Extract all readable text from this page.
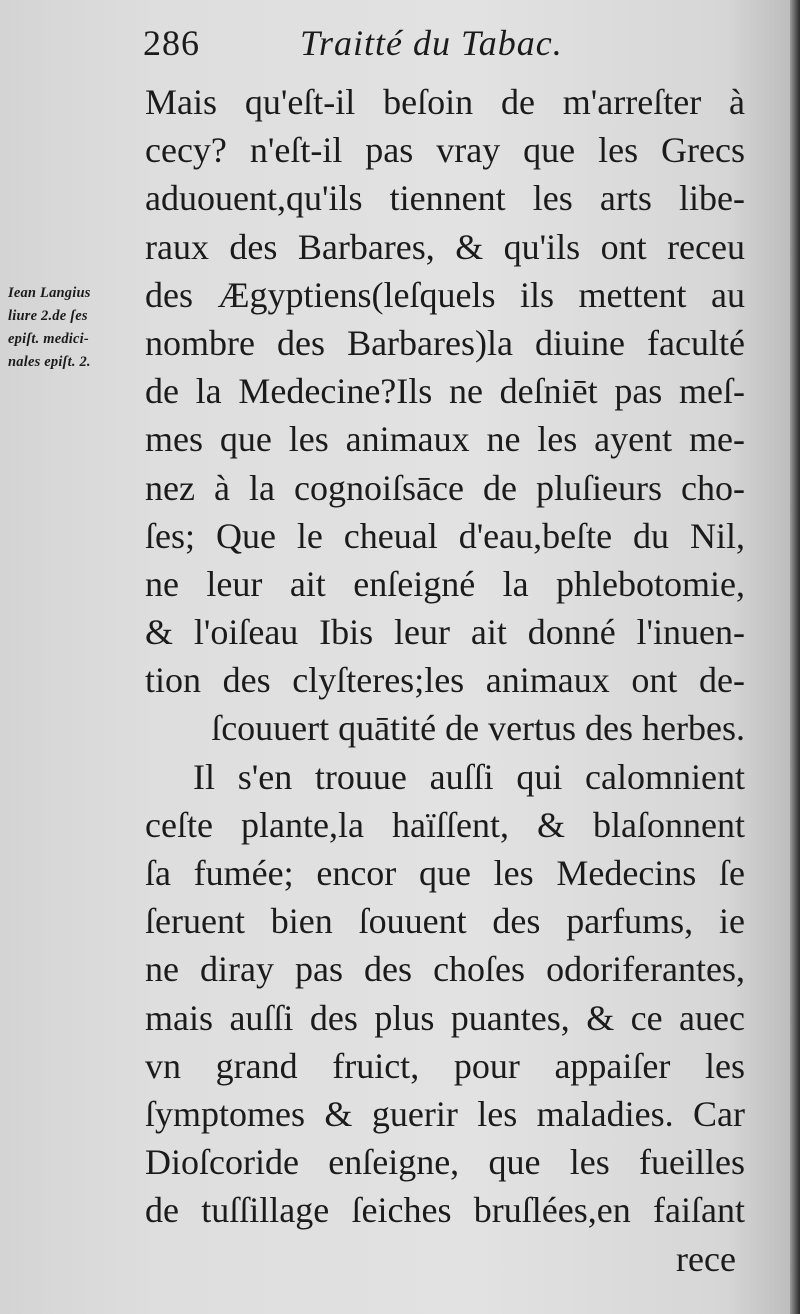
286	Traitté du Tabac.
Iean Langius
liure 2.de ſes
epiſt. medici-
nales epiſt. 2.
Mais qu'eſt-il beſoin de m'arreſter à
cecy? n'eſt-il pas vray que les Grecs
aduouent,qu'ils tiennent les arts libe-
raux des Barbares, & qu'ils ont receu
des Ægyptiens(leſquels ils mettent au
nombre des Barbares)la diuine faculté
de la Medecine?Ils ne deſniēt pas meſ-
mes que les animaux ne les ayent me-
nez à la cognoiſsāce de pluſieurs cho-
ſes; Que le cheual d'eau,beſte du Nil,
ne leur ait enſeigné la phlebotomie,
& l'oiſeau Ibis leur ait donné l'inuen-
tion des clyſteres;les animaux ont de-
ſcouuert quātité de vertus des herbes.
Il s'en trouue auſſi qui calomnient
ceſte plante,la haïſſent, & blaſonnent
ſa fumée; encor que les Medecins ſe
ſeruent bien ſouuent des parfums, ie
ne diray pas des choſes odoriferantes,
mais auſſi des plus puantes, & ce auec
vn grand fruict, pour appaiſer les
ſymptomes & guerir les maladies. Car
Dioſcoride enſeigne, que les fueilles
de tuſſillage ſeiches bruſlées,en faiſant
rece
